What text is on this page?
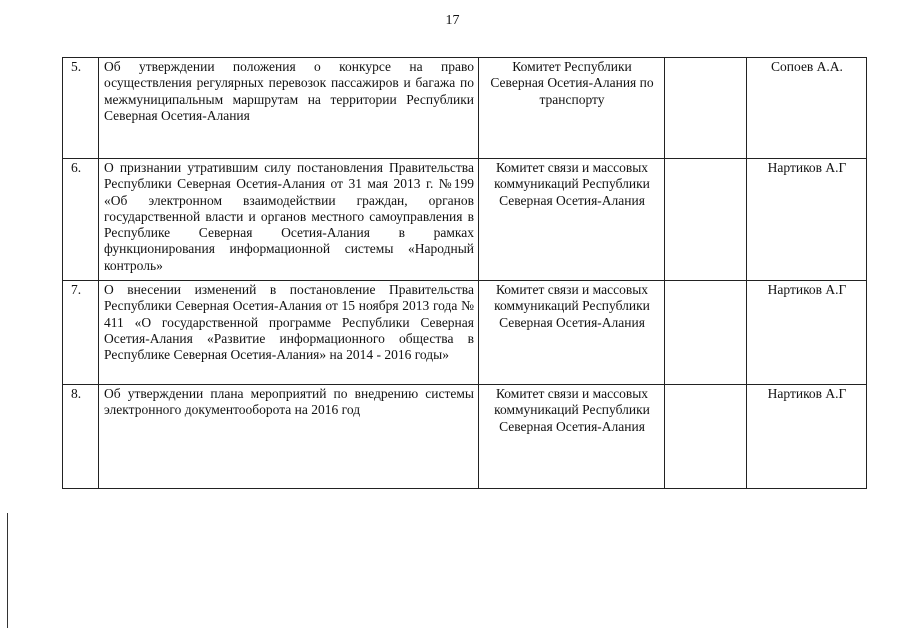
17
5.	Об утверждении положения о конкурсе на право осуществления регулярных перевозок пассажиров и багажа по межмуниципальным маршрутам на территории Республики Северная Осетия-Алания	Комитет Республики Северная Осетия-Алания по транспорту		Сопоев А.А.
6.	О признании утратившим силу постановления Правительства Республики Северная Осетия-Алания от 31 мая 2013 г. №199 «Об электронном взаимодействии граждан, органов государственной власти и органов местного самоуправления в Республике Северная Осетия-Алания в рамках функционирования информационной системы «Народный контроль»	Комитет связи и массовых коммуникаций Республики Северная Осетия-Алания		Нартиков А.Г
7.	О внесении изменений в постановление Правительства Республики Северная Осетия-Алания от 15 ноября 2013 года № 411 «О государственной программе Республики Северная Осетия-Алания «Развитие информационного общества в Республике Северная Осетия-Алания» на 2014 - 2016 годы»	Комитет связи и массовых коммуникаций Республики Северная Осетия-Алания		Нартиков А.Г
8.	Об утверждении плана мероприятий по внедрению системы электронного документооборота на 2016 год	Комитет связи и массовых коммуникаций Республики Северная Осетия-Алания		Нартиков А.Г
